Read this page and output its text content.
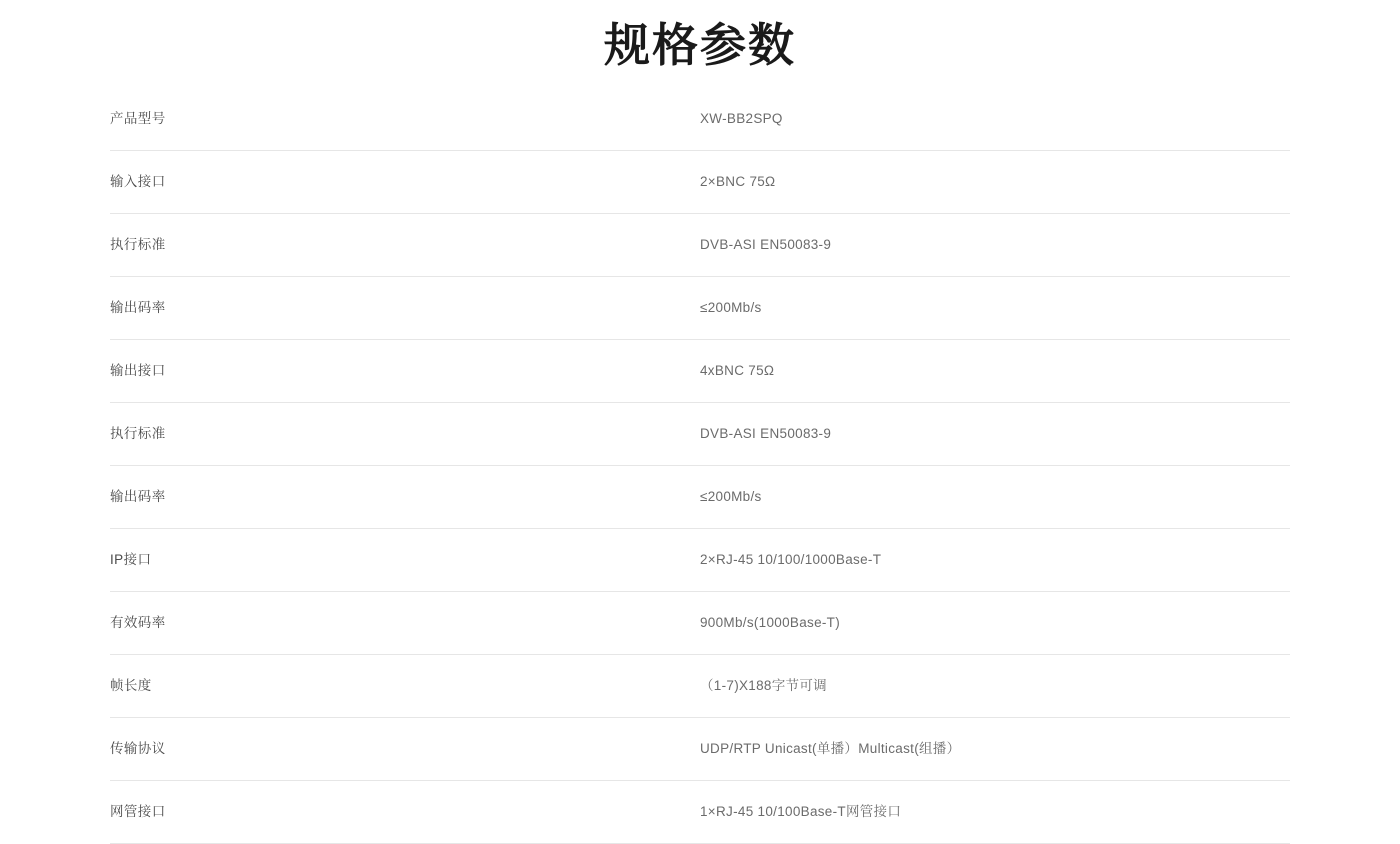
规格参数
产品型号	XW-BB2SPQ

输入接口	2×BNC 75Ω

执行标准	DVB-ASI EN50083-9

输出码率	≤200Mb/s

输出接口	4xBNC 75Ω

执行标准	DVB-ASI EN50083-9

输出码率	≤200Mb/s

IP接口	2×RJ-45 10/100/1000Base-T

有效码率	900Mb/s(1000Base-T)

帧长度	（1-7)X188字节可调

传输协议	UDP/RTP Unicast(单播）Multicast(组播）

网管接口	1×RJ-45 10/100Base-T网管接口
